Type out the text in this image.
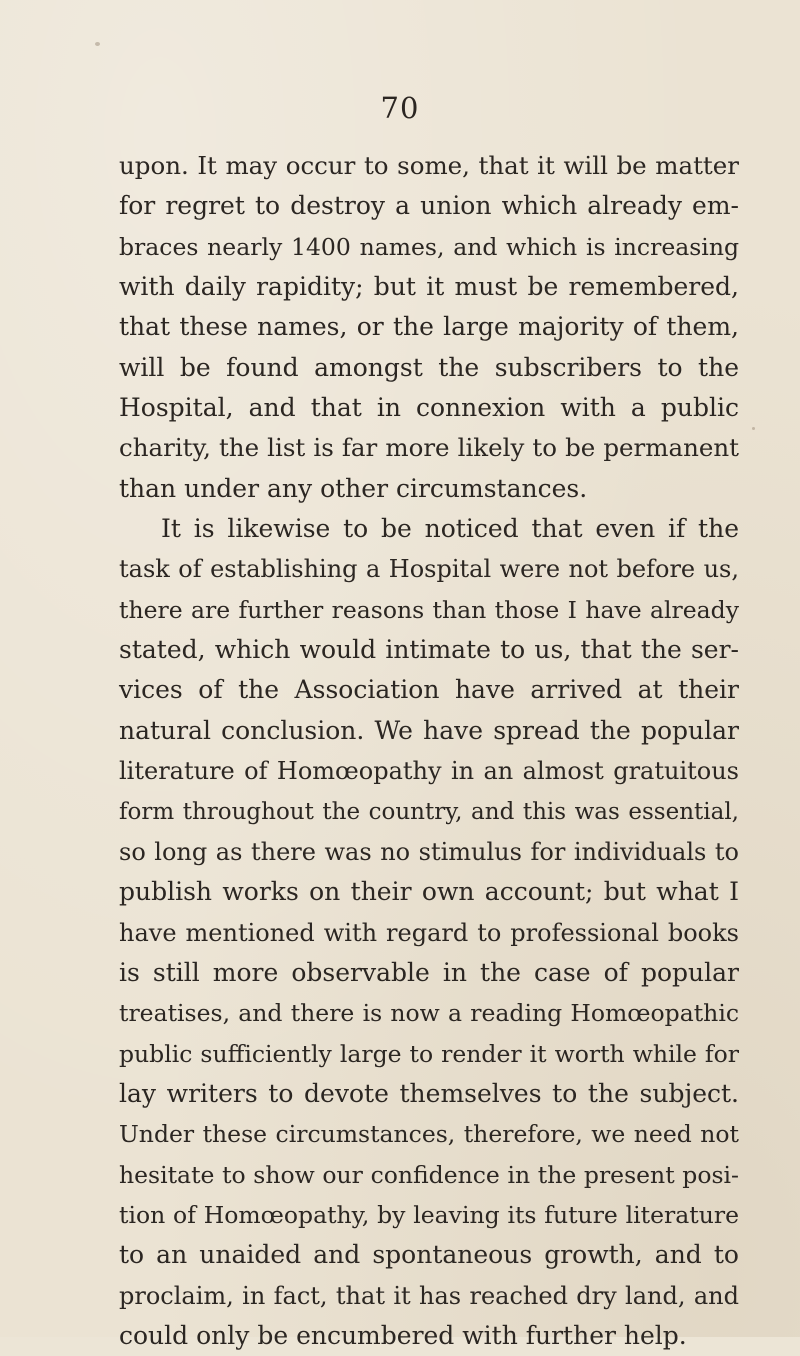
70
upon. It may occur to some, that it will be matter
for regret to destroy a union which already em-
braces nearly 1400 names, and which is increasing
with daily rapidity; but it must be remembered,
that these names, or the large majority of them,
will be found amongst the subscribers to the
Hospital, and that in connexion with a public
charity, the list is far more likely to be permanent
than under any other circumstances.
It is likewise to be noticed that even if the
task of establishing a Hospital were not before us,
there are further reasons than those I have already
stated, which would intimate to us, that the ser-
vices of the Association have arrived at their
natural conclusion. We have spread the popular
literature of Homœopathy in an almost gratuitous
form throughout the country, and this was essential,
so long as there was no stimulus for individuals to
publish works on their own account; but what I
have mentioned with regard to professional books
is still more observable in the case of popular
treatises, and there is now a reading Homœopathic
public sufficiently large to render it worth while for
lay writers to devote themselves to the subject.
Under these circumstances, therefore, we need not
hesitate to show our confidence in the present posi-
tion of Homœopathy, by leaving its future literature
to an unaided and spontaneous growth, and to
proclaim, in fact, that it has reached dry land, and
could only be encumbered with further help.
